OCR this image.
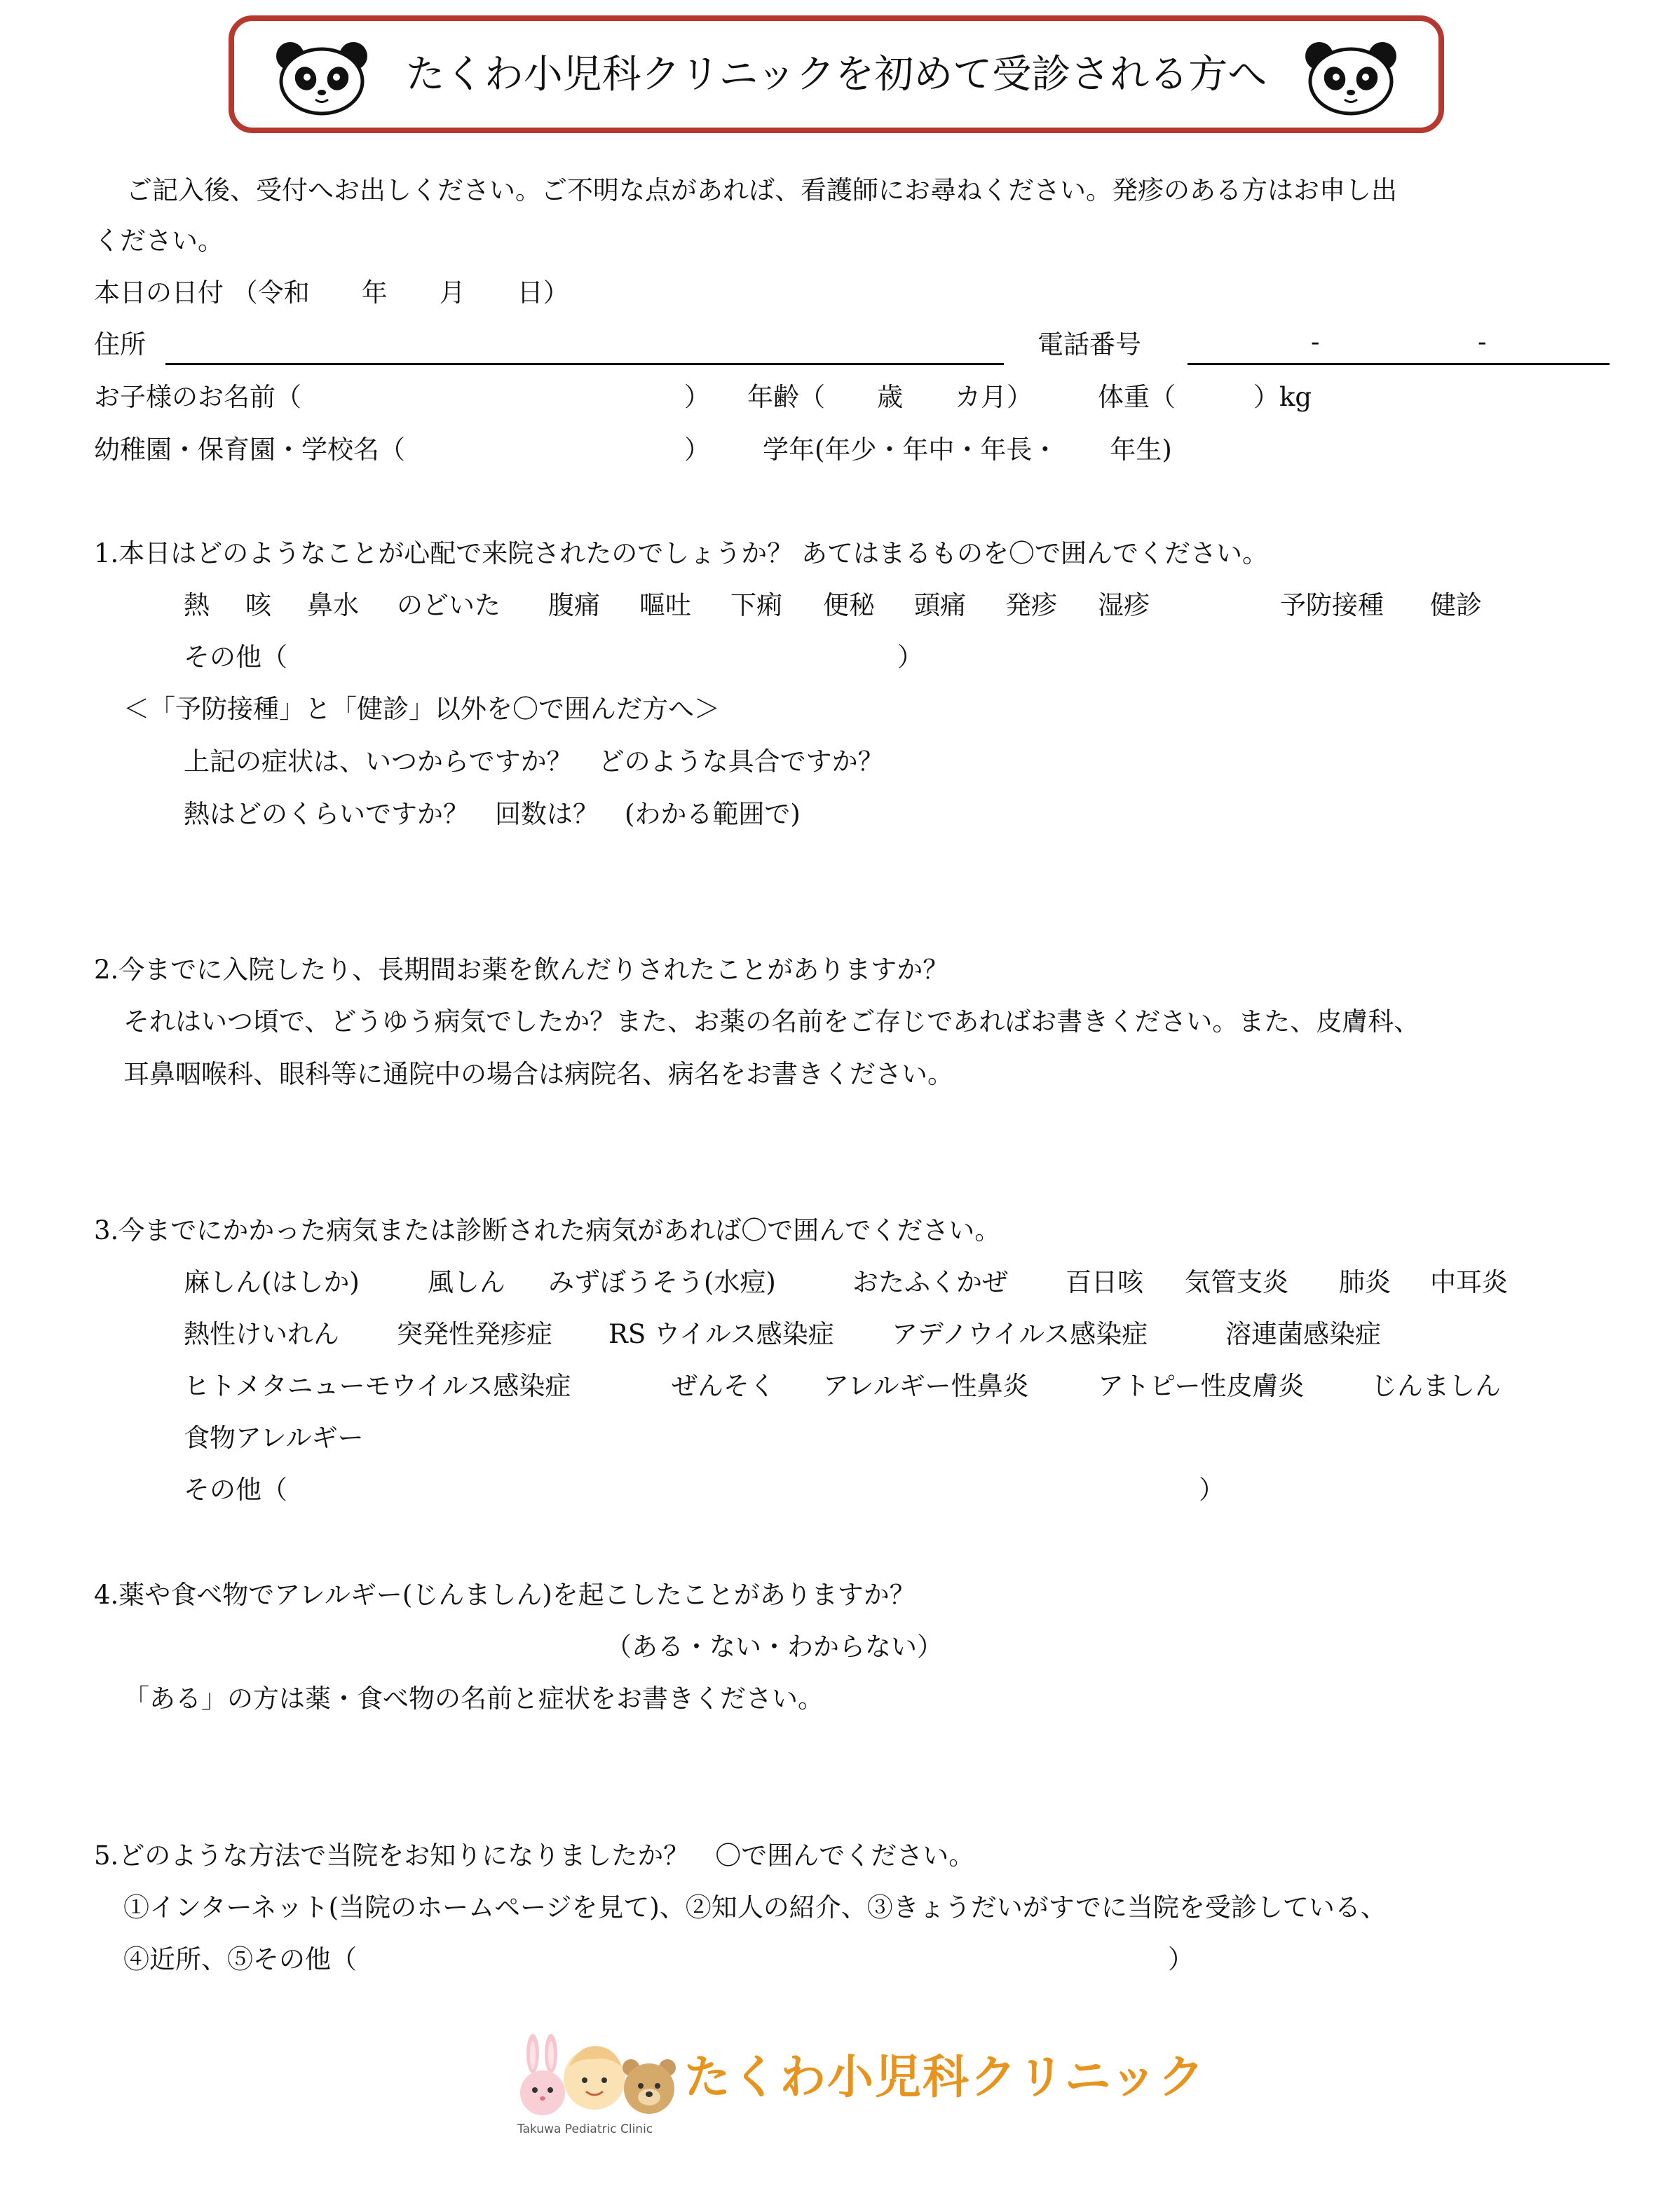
たくわ小児科クリニックを初めて受診される方へ
ご記入後、受付へお出しください。ご不明な点があれば、看護師にお尋ねください。発疹のある方はお申し出
ください。
本日の日付 （令和　　年　　月　　日）
住所	電話番号	-	-
お子様のお名前（	） 年齢（　　歳　　カ月）	体重（　　　）kg
幼稚園・保育園・学校名（	） 学年(年少・年中・年長・　　年生)
1.本日はどのようなことが心配で来院されたのでしょうか？ あてはまるものを〇で囲んでください。
熱 咳 鼻水 のどいた 腹痛 嘔吐 下痢 便秘 頭痛 発疹 湿疹	予防接種 健診
その他（	）
＜「予防接種」と「健診」以外を〇で囲んだ方へ＞
上記の症状は、いつからですか？　どのような具合ですか？
熱はどのくらいですか？　回数は？　(わかる範囲で)
2.今までに入院したり、長期間お薬を飲んだりされたことがありますか？
それはいつ頃で、どうゆう病気でしたか？また、お薬の名前をご存じであればお書きください。また、皮膚科、
耳鼻咽喉科、眼科等に通院中の場合は病院名、病名をお書きください。
3.今までにかかった病気または診断された病気があれば〇で囲んでください。
麻しん(はしか)	風しん みずぼうそう(水痘)	おたふくかぜ 百日咳 気管支炎 肺炎 中耳炎
熱性けいれん 突発性発疹症 RS ウイルス感染症 アデノウイルス感染症	溶連菌感染症
ヒトメタニューモウイルス感染症	ぜんそく アレルギー性鼻炎	アトピー性皮膚炎	じんましん
食物アレルギー
その他（	）
4.薬や食べ物でアレルギー(じんましん)を起こしたことがありますか？
（ある・ない・わからない）
「ある」の方は薬・食べ物の名前と症状をお書きください。
5.どのような方法で当院をお知りになりましたか？　〇で囲んでください。
①インターネット(当院のホームページを見て)、②知人の紹介、③きょうだいがすでに当院を受診している、
④近所、⑤その他（	）
たくわ小児科クリニック
Takuwa Pediatric Clinic
